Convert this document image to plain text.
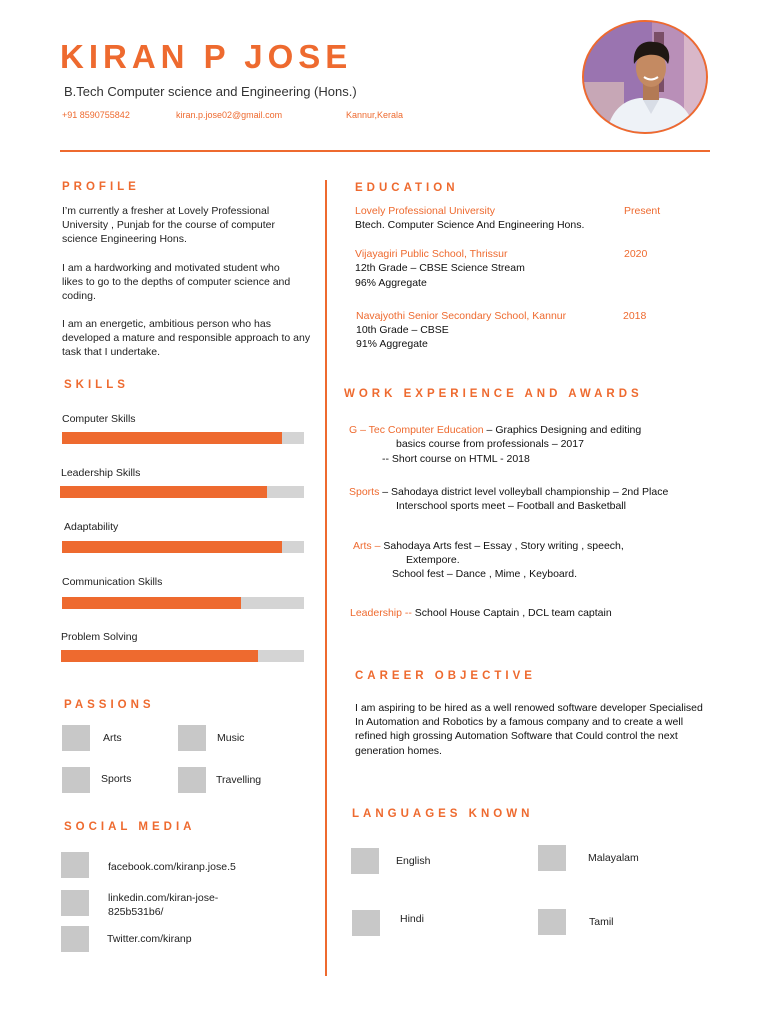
KIRAN P JOSE
B.Tech Computer science and Engineering (Hons.)
+91 8590755842	kiran.p.jose02@gmail.com	Kannur,Kerala
PROFILE
I’m currently a fresher at Lovely Professional University , Punjab for the course of computer science Engineering Hons.
I am a hardworking and motivated student who likes to go to the depths of computer science and coding.
I am an energetic, ambitious person who has developed a mature and responsible approach to any task that I undertake.
SKILLS
Computer Skills
Leadership Skills
Adaptability
Communication Skills
Problem Solving
PASSIONS
Arts	Music
Sports	Travelling
SOCIAL MEDIA
facebook.com/kiranp.jose.5
linkedin.com/kiran-jose-
825b531b6/
Twitter.com/kiranp
EDUCATION
Lovely Professional University	Present
Btech. Computer Science And Engineering Hons.
Vijayagiri Public School, Thrissur	2020
12th Grade – CBSE Science Stream
96% Aggregate
Navajyothi Senior Secondary School, Kannur	2018
10th Grade – CBSE
91% Aggregate
WORK EXPERIENCE AND AWARDS
G – Tec Computer Education – Graphics Designing and editing
basics course from professionals – 2017
-- Short course on HTML - 2018
Sports – Sahodaya district level volleyball championship – 2nd Place
Interschool sports meet – Football and Basketball
Arts – Sahodaya Arts fest – Essay , Story writing , speech,
Extempore.
School fest – Dance , Mime , Keyboard.
Leadership -- School House Captain , DCL team captain
CAREER OBJECTIVE
I am aspiring to be hired as a well renowed software developer Specialised In Automation and Robotics by a famous company and to create a well refined high grossing Automation Software that Could control the next generation homes.
LANGUAGES KNOWN
English	Malayalam
Hindi	Tamil
